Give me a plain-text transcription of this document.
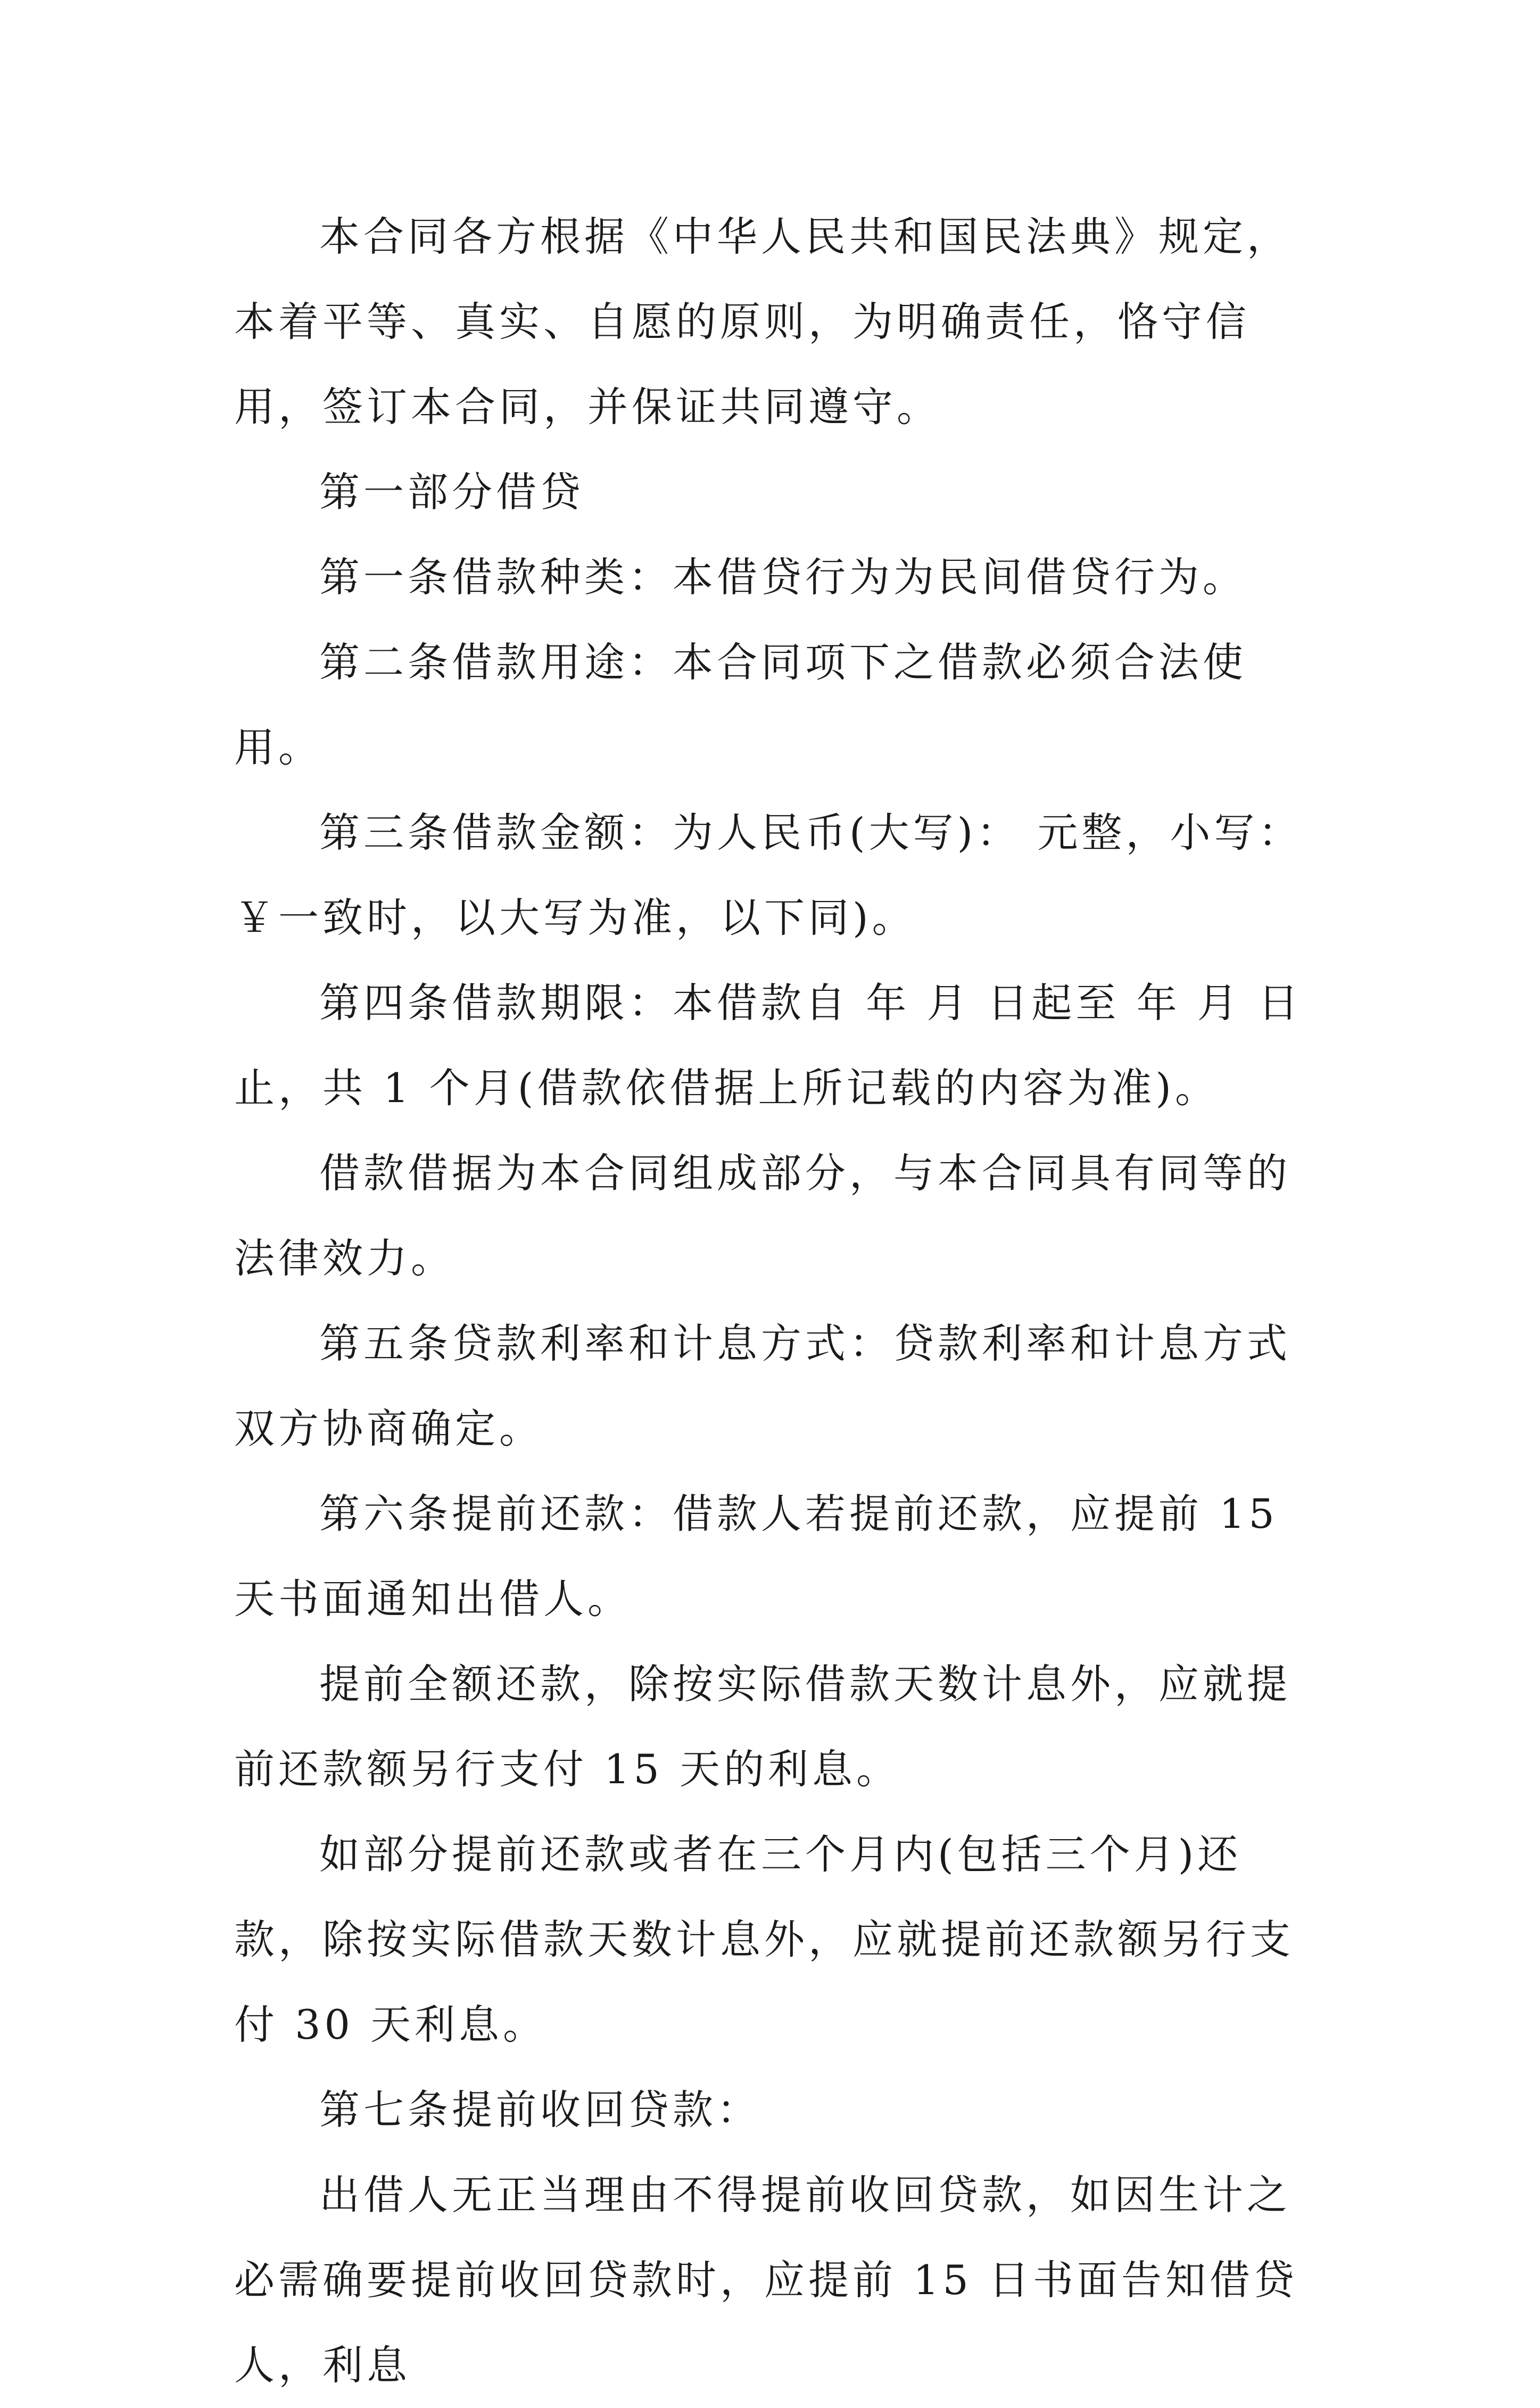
本合同各方根据《中华人民共和国民法典》规定，本着平等、真实、自愿的原则，为明确责任，恪守信用，签订本合同，并保证共同遵守。

第一部分借贷

第一条借款种类：本借贷行为为民间借贷行为。

第二条借款用途：本合同项下之借款必须合法使用。

第三条借款金额：为人民币(大写)： 元整，小写：￥一致时，以大写为准，以下同)。

第四条借款期限：本借款自 年 月 日起至 年 月 日止，共 1 个月(借款依借据上所记载的内容为准)。

借款借据为本合同组成部分，与本合同具有同等的法律效力。

第五条贷款利率和计息方式：贷款利率和计息方式双方协商确定。

第六条提前还款：借款人若提前还款，应提前 15 天书面通知出借人。

提前全额还款，除按实际借款天数计息外，应就提前还款额另行支付 15 天的利息。

如部分提前还款或者在三个月内(包括三个月)还款，除按实际借款天数计息外，应就提前还款额另行支付 30 天利息。

第七条提前收回贷款：

出借人无正当理由不得提前收回贷款，如因生计之必需确要提前收回贷款时，应提前 15 日书面告知借贷人，利息
